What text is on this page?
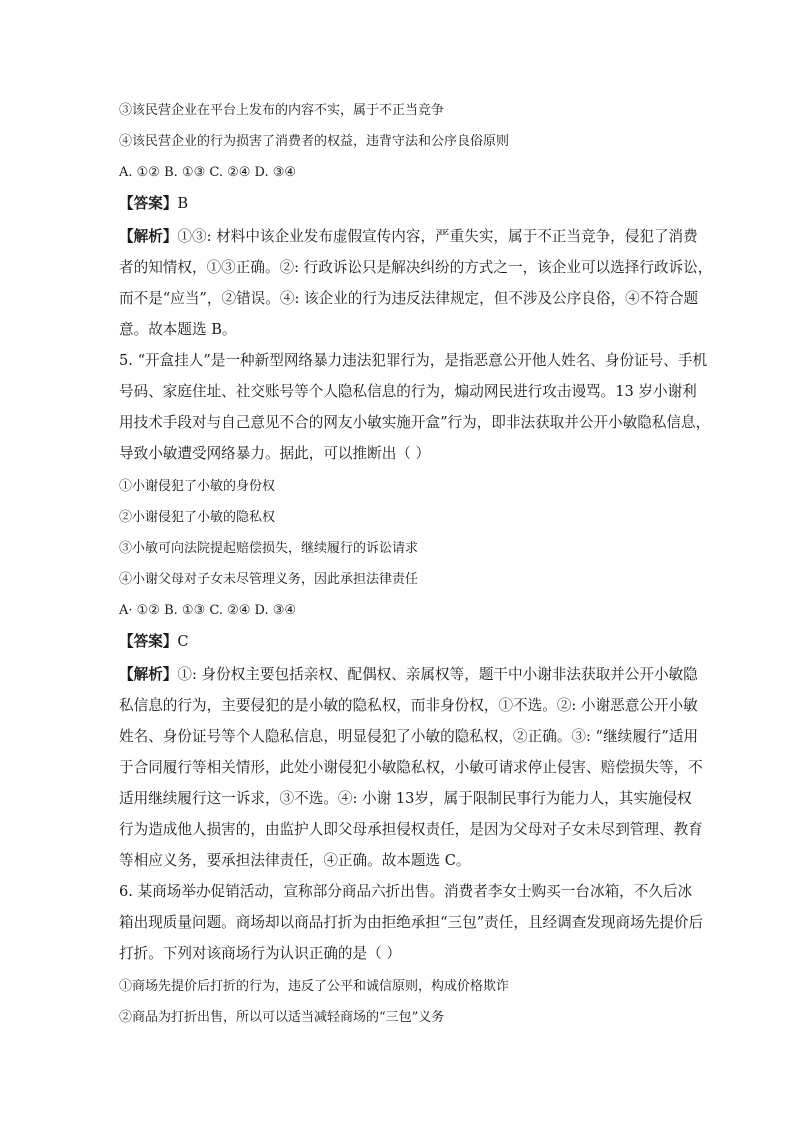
③该民营企业在平台上发布的内容不实，属于不正当竞争
④该民营企业的行为损害了消费者的权益，违背守法和公序良俗原则
A. ①② B. ①③ C. ②④ D. ③④
【答案】B
【解析】①③: 材料中该企业发布虚假宣传内容，严重失实，属于不正当竞争，侵犯了消费
者的知情权，①③正确。②: 行政诉讼只是解决纠纷的方式之一，该企业可以选择行政诉讼，
而不是“应当”，②错误。④: 该企业的行为违反法律规定，但不涉及公序良俗，④不符合题
意。故本题选 B。
5. “开盒挂人”是一种新型网络暴力违法犯罪行为，是指恶意公开他人姓名、身份证号、手机
号码、家庭住址、社交账号等个人隐私信息的行为，煽动网民进行攻击谩骂。13 岁小谢利
用技术手段对与自己意见不合的网友小敏实施开盒”行为，即非法获取并公开小敏隐私信息，
导致小敏遭受网络暴力。据此，可以推断出（ ）
①小谢侵犯了小敏的身份权
②小谢侵犯了小敏的隐私权
③小敏可向法院提起赔偿损失，继续履行的诉讼请求
④小谢父母对子女未尽管理义务，因此承担法律责任
A· ①② B. ①③ C. ②④ D. ③④
【答案】C
【解析】①: 身份权主要包括亲权、配偶权、亲属权等，题干中小谢非法获取并公开小敏隐
私信息的行为，主要侵犯的是小敏的隐私权，而非身份权，①不选。②: 小谢恶意公开小敏
姓名、身份证号等个人隐私信息，明显侵犯了小敏的隐私权，②正确。③: “继续履行”适用
于合同履行等相关情形，此处小谢侵犯小敏隐私权，小敏可请求停止侵害、赔偿损失等，不
适用继续履行这一诉求，③不选。④: 小谢 13岁，属于限制民事行为能力人，其实施侵权
行为造成他人损害的，由监护人即父母承担侵权责任，是因为父母对子女未尽到管理、教育
等相应义务，要承担法律责任，④正确。故本题选 C。
6. 某商场举办促销活动，宣称部分商品六折出售。消费者李女士购买一台冰箱，不久后冰
箱出现质量问题。商场却以商品打折为由拒绝承担“三包”责任，且经调查发现商场先提价后
打折。下列对该商场行为认识正确的是（ ）
①商场先提价后打折的行为，违反了公平和诚信原则，构成价格欺诈
②商品为打折出售，所以可以适当减轻商场的“三包”义务
